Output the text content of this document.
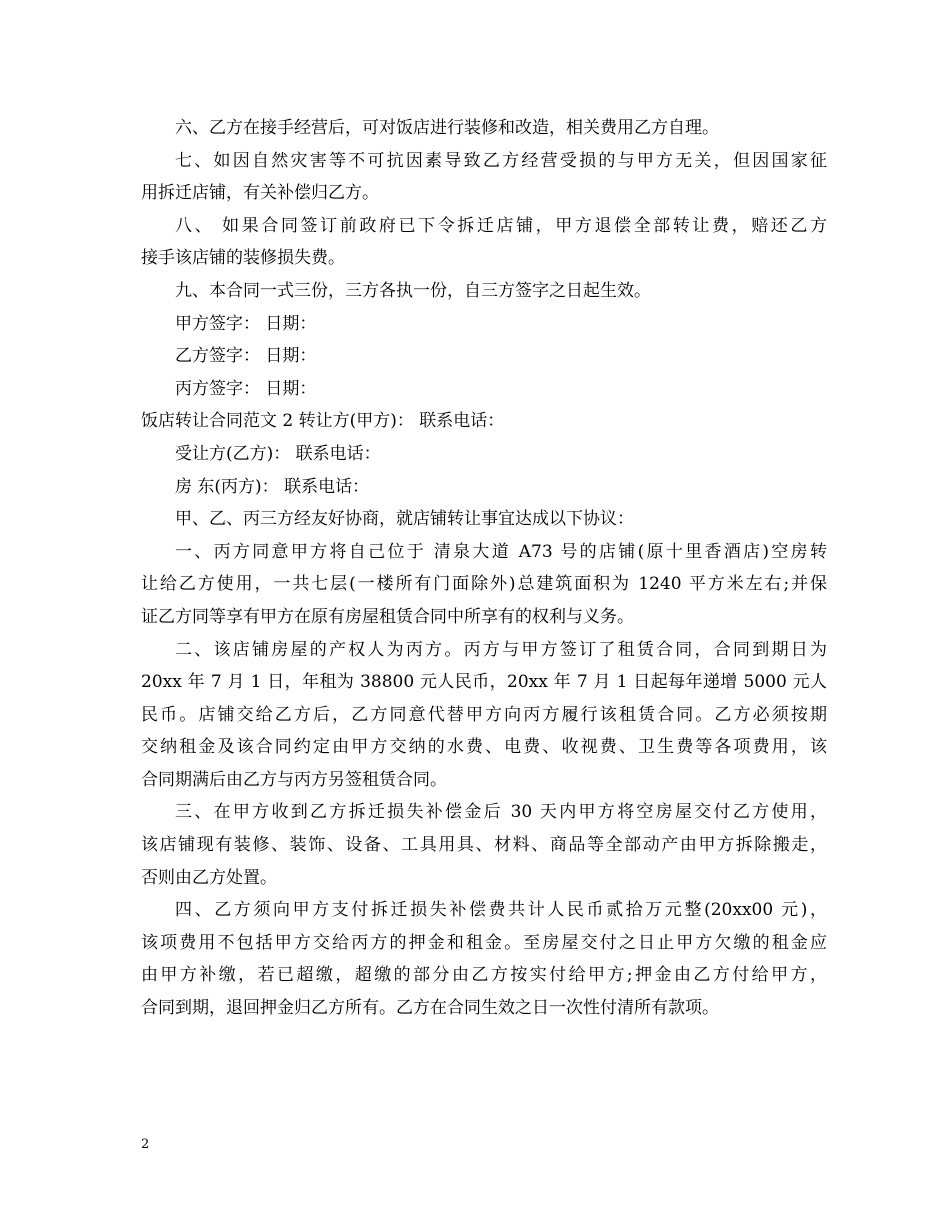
六、乙方在接手经营后，可对饭店进行装修和改造，相关费用乙方自理。
七、如因自然灾害等不可抗因素导致乙方经营受损的与甲方无关，但因国家征
用拆迁店铺，有关补偿归乙方。
八、 如果合同签订前政府已下令拆迁店铺，甲方退偿全部转让费，赔还乙方
接手该店铺的装修损失费。
九、本合同一式三份，三方各执一份，自三方签字之日起生效。
甲方签字： 日期：
乙方签字： 日期：
丙方签字： 日期：
饭店转让合同范文 2 转让方(甲方)： 联系电话：
受让方(乙方)： 联系电话：
房 东(丙方)： 联系电话：
甲、乙、丙三方经友好协商，就店铺转让事宜达成以下协议：
一、丙方同意甲方将自己位于 清泉大道 A73 号的店铺(原十里香酒店)空房转
让给乙方使用，一共七层(一楼所有门面除外)总建筑面积为 1240 平方米左右;并保
证乙方同等享有甲方在原有房屋租赁合同中所享有的权利与义务。
二、该店铺房屋的产权人为丙方。丙方与甲方签订了租赁合同，合同到期日为
20xx 年 7 月 1 日，年租为 38800 元人民币，20xx 年 7 月 1 日起每年递增 5000 元人
民币。店铺交给乙方后，乙方同意代替甲方向丙方履行该租赁合同。乙方必须按期
交纳租金及该合同约定由甲方交纳的水费、电费、收视费、卫生费等各项费用，该
合同期满后由乙方与丙方另签租赁合同。
三、在甲方收到乙方拆迁损失补偿金后 30 天内甲方将空房屋交付乙方使用，
该店铺现有装修、装饰、设备、工具用具、材料、商品等全部动产由甲方拆除搬走，
否则由乙方处置。
四、乙方须向甲方支付拆迁损失补偿费共计人民币贰拾万元整(20xx00 元)，
该项费用不包括甲方交给丙方的押金和租金。至房屋交付之日止甲方欠缴的租金应
由甲方补缴，若已超缴，超缴的部分由乙方按实付给甲方;押金由乙方付给甲方，
合同到期，退回押金归乙方所有。乙方在合同生效之日一次性付清所有款项。
2
